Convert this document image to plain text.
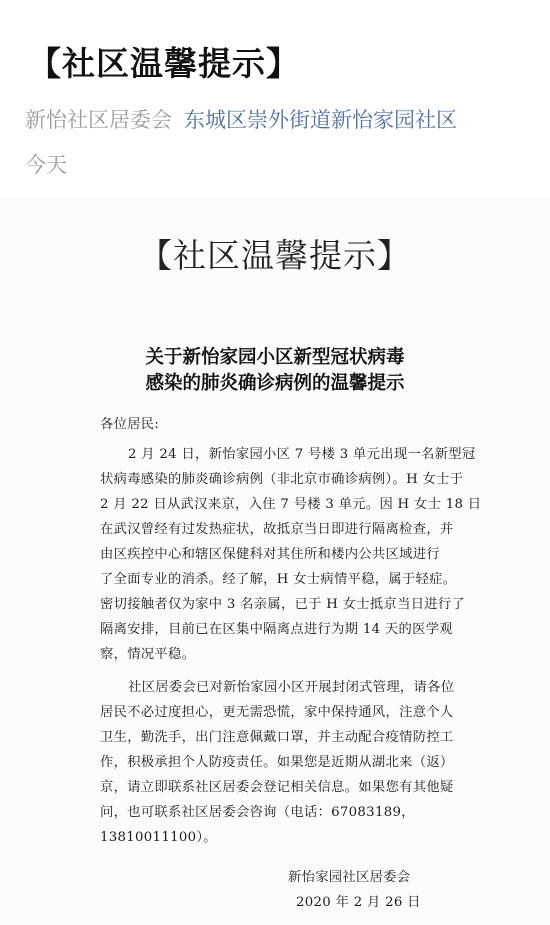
【社区温馨提示】
新怡社区居委会 东城区崇外街道新怡家园社区
今天
【社区温馨提示】
关于新怡家园小区新型冠状病毒
感染的肺炎确诊病例的温馨提示
各位居民:
2 月 24 日，新怡家园小区 7 号楼 3 单元出现一名新型冠
状病毒感染的肺炎确诊病例（非北京市确诊病例）。H 女士于
2 月 22 日从武汉来京，入住 7 号楼 3 单元。因 H 女士 18 日
在武汉曾经有过发热症状，故抵京当日即进行隔离检查，并
由区疾控中心和辖区保健科对其住所和楼内公共区域进行
了全面专业的消杀。经了解，H 女士病情平稳，属于轻症。
密切接触者仅为家中 3 名亲属，已于 H 女士抵京当日进行了
隔离安排，目前已在区集中隔离点进行为期 14 天的医学观
察，情况平稳。
社区居委会已对新怡家园小区开展封闭式管理，请各位
居民不必过度担心，更无需恐慌，家中保持通风，注意个人
卫生，勤洗手，出门注意佩戴口罩，并主动配合疫情防控工
作，积极承担个人防疫责任。如果您是近期从湖北来（返）
京，请立即联系社区居委会登记相关信息。如果您有其他疑
问，也可联系社区居委会咨询（电话：67083189，
13810011100）。
新怡家园社区居委会
2020 年 2 月 26 日
